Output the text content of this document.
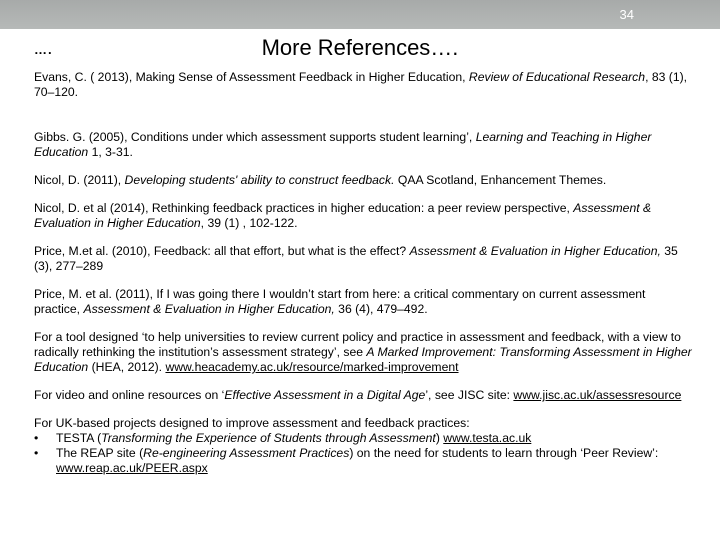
34
….	More References….

Evans, C. ( 2013), Making Sense of Assessment Feedback in Higher Education, Review of Educational Research, 83 (1), 70–120.

Gibbs. G. (2005), Conditions under which assessment supports student learning’, Learning and Teaching in Higher Education 1, 3-31.

Nicol, D. (2011), Developing students' ability to construct feedback. QAA Scotland, Enhancement Themes.

Nicol, D. et al (2014), Rethinking feedback practices in higher education: a peer review perspective, Assessment & Evaluation in Higher Education, 39 (1) , 102-122.

Price, M.et al. (2010), Feedback: all that effort, but what is the effect? Assessment & Evaluation in Higher Education, 35 (3), 277–289

Price, M. et al. (2011), If I was going there I wouldn’t start from here: a critical commentary on current assessment practice, Assessment & Evaluation in Higher Education, 36 (4), 479–492.

For a tool designed ‘to help universities to review current policy and practice in assessment and feedback, with a view to radically rethinking the institution’s assessment strategy’, see A Marked Improvement: Transforming Assessment in Higher Education (HEA, 2012). www.heacademy.ac.uk/resource/marked-improvement

For video and online resources on ‘Effective Assessment in a Digital Age’, see JISC site: www.jisc.ac.uk/assessresource

For UK-based projects designed to improve assessment and feedback practices:

• TESTA (Transforming the Experience of Students through Assessment) www.testa.ac.uk
• The REAP site (Re-engineering Assessment Practices) on the need for students to learn through ‘Peer Review’: www.reap.ac.uk/PEER.aspx
